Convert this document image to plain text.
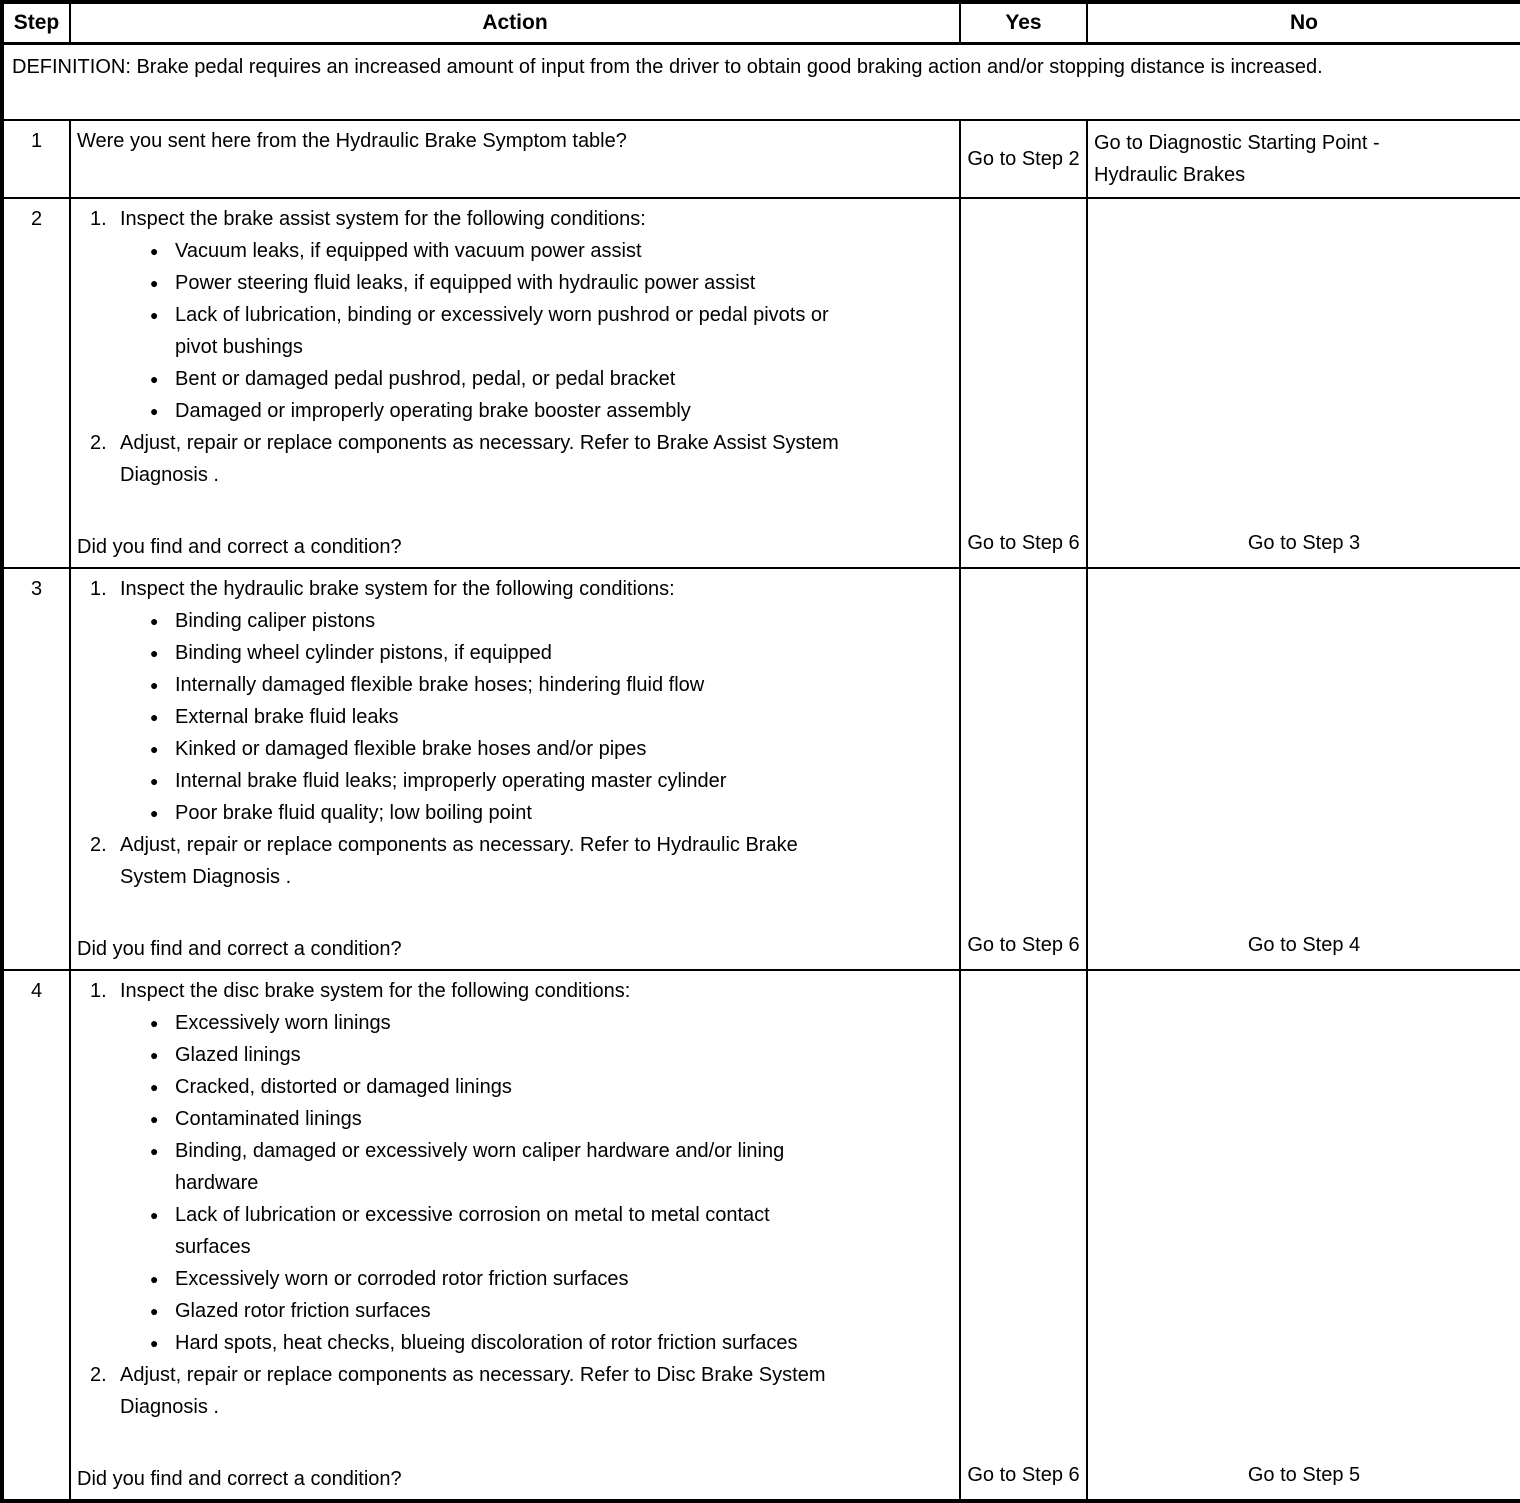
Step	Action	Yes	No

DEFINITION: Brake pedal requires an increased amount of input from the driver to obtain good braking action and/or stopping distance is increased.			

1	Were you sent here from the Hydraulic Brake Symptom table?	Go to Step 2	Go to Diagnostic Starting Point - Hydraulic Brakes

2	1. Inspect the brake assist system for the following conditions:
● Vacuum leaks, if equipped with vacuum power assist
● Power steering fluid leaks, if equipped with hydraulic power assist
● Lack of lubrication, binding or excessively worn pushrod or pedal pivots or pivot bushings
● Bent or damaged pedal pushrod, pedal, or pedal bracket
● Damaged or improperly operating brake booster assembly
2. Adjust, repair or replace components as necessary. Refer to Brake Assist System Diagnosis .
Did you find and correct a condition?	Go to Step 6	Go to Step 3

3	1. Inspect the hydraulic brake system for the following conditions:
● Binding caliper pistons
● Binding wheel cylinder pistons, if equipped
● Internally damaged flexible brake hoses; hindering fluid flow
● External brake fluid leaks
● Kinked or damaged flexible brake hoses and/or pipes
● Internal brake fluid leaks; improperly operating master cylinder
● Poor brake fluid quality; low boiling point
2. Adjust, repair or replace components as necessary. Refer to Hydraulic Brake System Diagnosis .
Did you find and correct a condition?	Go to Step 6	Go to Step 4

4	1. Inspect the disc brake system for the following conditions:
● Excessively worn linings
● Glazed linings
● Cracked, distorted or damaged linings
● Contaminated linings
● Binding, damaged or excessively worn caliper hardware and/or lining hardware
● Lack of lubrication or excessive corrosion on metal to metal contact surfaces
● Excessively worn or corroded rotor friction surfaces
● Glazed rotor friction surfaces
● Hard spots, heat checks, blueing discoloration of rotor friction surfaces
2. Adjust, repair or replace components as necessary. Refer to Disc Brake System Diagnosis .
Did you find and correct a condition?	Go to Step 6	Go to Step 5
